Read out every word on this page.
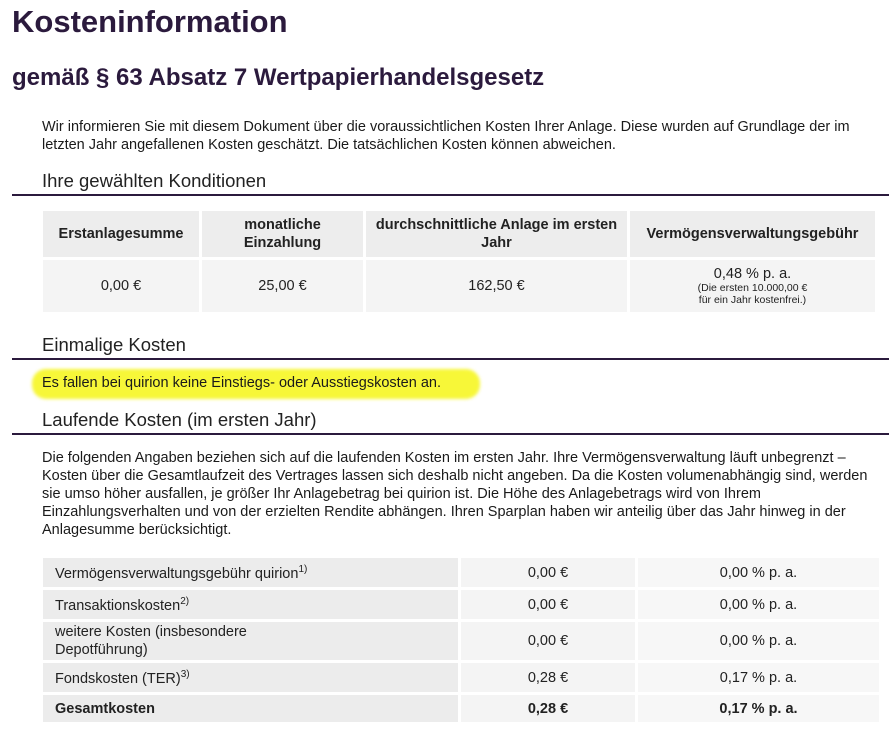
Kosteninformation
gemäß § 63 Absatz 7 Wertpapierhandelsgesetz

Wir informieren Sie mit diesem Dokument über die voraussichtlichen Kosten Ihrer Anlage. Diese wurden auf Grundlage der im letzten Jahr angefallenen Kosten geschätzt. Die tatsächlichen Kosten können abweichen.

Ihre gewählten Konditionen
Erstanlagesumme	monatliche Einzahlung	durchschnittliche Anlage im ersten Jahr	Vermögensverwaltungsgebühr
0,00 €	25,00 €	162,50 €	0,48 % p. a.
(Die ersten 10.000,00 €
für ein Jahr kostenfrei.)
Einmalige Kosten

Es fallen bei quirion keine Einstiegs- oder Ausstiegskosten an.

Laufende Kosten (im ersten Jahr)

Die folgenden Angaben beziehen sich auf die laufenden Kosten im ersten Jahr. Ihre Vermögensverwaltung läuft unbegrenzt – Kosten über die Gesamtlaufzeit des Vertrages lassen sich deshalb nicht angeben. Da die Kosten volumenabhängig sind, werden sie umso höher ausfallen, je größer Ihr Anlagebetrag bei quirion ist. Die Höhe des Anlagebetrags wird von Ihrem Einzahlungsverhalten und von der erzielten Rendite abhängen. Ihren Sparplan haben wir anteilig über das Jahr hinweg in der Anlagesumme berücksichtigt.

Vermögensverwaltungsgebühr quirion$^{1)}$	0,00 €	0,00 % p. a.
Transaktionskosten$^{2)}$	0,00 €	0,00 % p. a.
weitere Kosten (insbesondere Depotführung)	0,00 €	0,00 % p. a.
Fondskosten (TER)$^{3)}$	0,28 €	0,17 % p. a.
Gesamtkosten	0,28 €	0,17 % p. a.
